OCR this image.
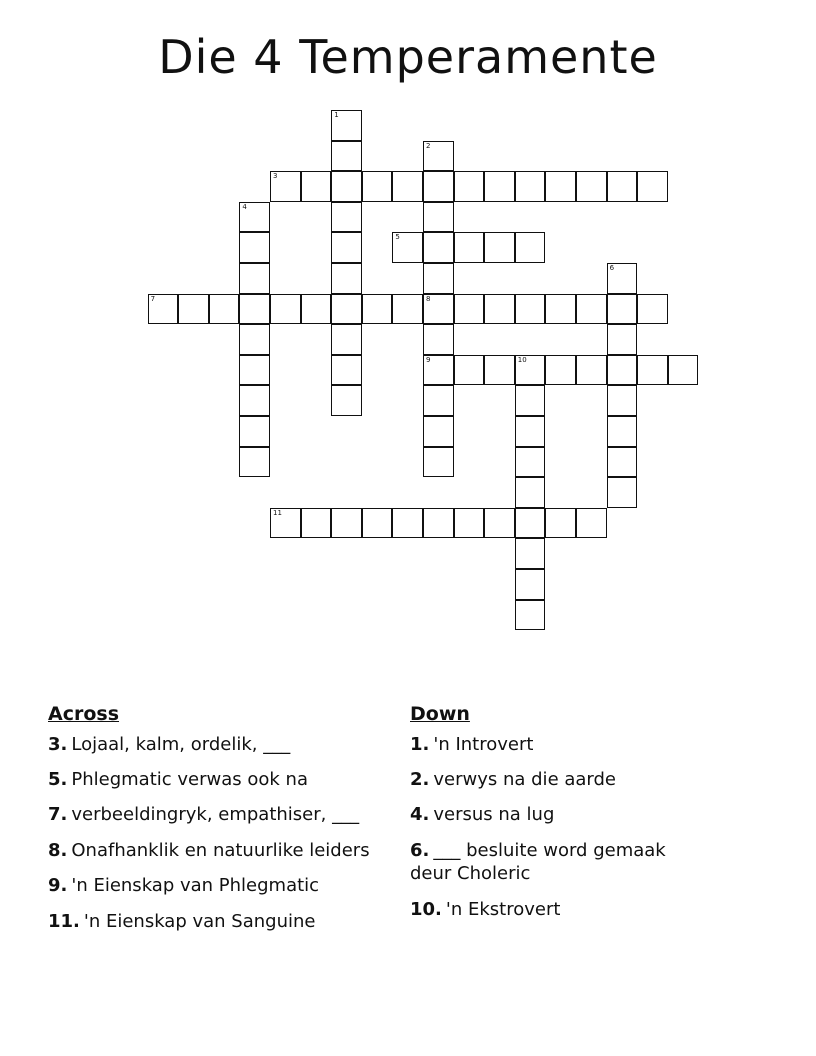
Die 4 Temperamente
1
2
8
9
3
4
5
6
7
10
11
Across
3. Lojaal, kalm, ordelik, ___
5. Phlegmatic verwas ook na
7. verbeeldingryk, empathiser, ___
8. Onafhanklik en natuurlike leiders
9. 'n Eienskap van Phlegmatic
11. 'n Eienskap van Sanguine
Down
1. 'n Introvert
2. verwys na die aarde
4. versus na lug
6. ___ besluite word gemaak deur Choleric
10. 'n Ekstrovert
